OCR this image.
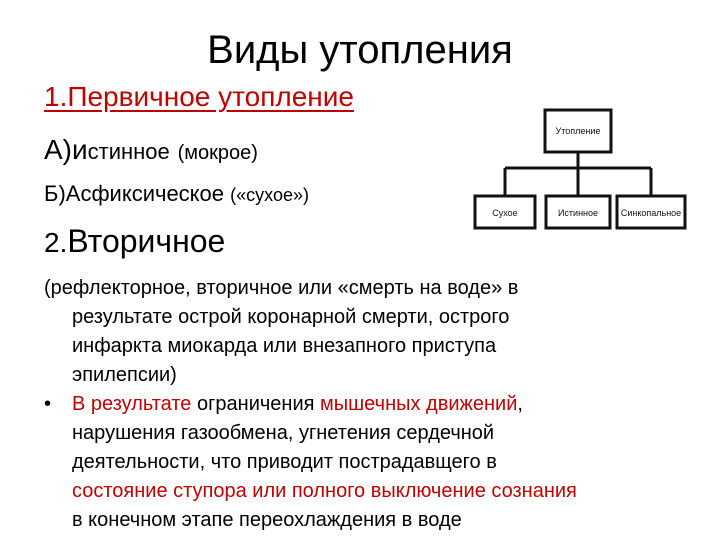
Виды утопления
1.Первичное утопление
А)истинное (мокрое)
Б)Асфиксическое («сухое»)
2.Вторичное
(рефлекторное, вторичное или «смерть на воде» в
результате острой коронарной смерти, острого
инфаркта миокарда или внезапного приступа
эпилепсии)
• В результате ограничения мышечных движений,
нарушения газообмена, угнетения сердечной
деятельности, что приводит пострадавщего в
состояние ступора или полного выключение сознания
в конечном этапе переохлаждения в воде
Утопление
Сухое	Истинное	Синкопальное
